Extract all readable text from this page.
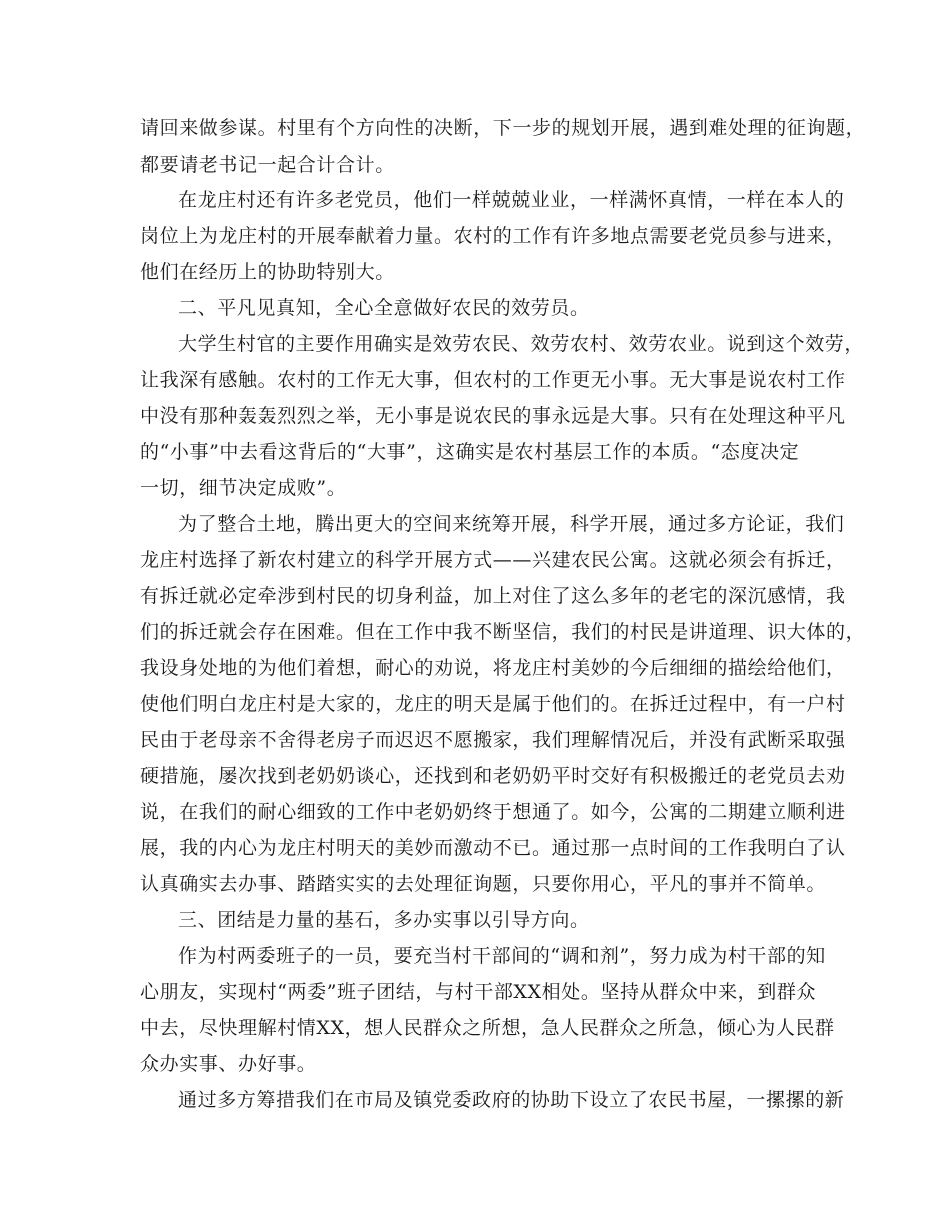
请回来做参谋。村里有个方向性的决断，下一步的规划开展，遇到难处理的征询题，

都要请老书记一起合计合计。

在龙庄村还有许多老党员，他们一样兢兢业业，一样满怀真情，一样在本人的

岗位上为龙庄村的开展奉献着力量。农村的工作有许多地点需要老党员参与进来，

他们在经历上的协助特别大。

二、平凡见真知，全心全意做好农民的效劳员。

大学生村官的主要作用确实是效劳农民、效劳农村、效劳农业。说到这个效劳，

让我深有感触。农村的工作无大事，但农村的工作更无小事。无大事是说农村工作

中没有那种轰轰烈烈之举，无小事是说农民的事永远是大事。只有在处理这种平凡

的“小事”中去看这背后的“大事”，这确实是农村基层工作的本质。“态度决定

一切，细节决定成败”。

为了整合土地，腾出更大的空间来统筹开展，科学开展，通过多方论证，我们

龙庄村选择了新农村建立的科学开展方式——兴建农民公寓。这就必须会有拆迁，

有拆迁就必定牵涉到村民的切身利益，加上对住了这么多年的老宅的深沉感情，我

们的拆迁就会存在困难。但在工作中我不断坚信，我们的村民是讲道理、识大体的，

我设身处地的为他们着想，耐心的劝说，将龙庄村美妙的今后细细的描绘给他们，

使他们明白龙庄村是大家的，龙庄的明天是属于他们的。在拆迁过程中，有一户村

民由于老母亲不舍得老房子而迟迟不愿搬家，我们理解情况后，并没有武断采取强

硬措施，屡次找到老奶奶谈心，还找到和老奶奶平时交好有积极搬迁的老党员去劝

说，在我们的耐心细致的工作中老奶奶终于想通了。如今，公寓的二期建立顺利进

展，我的内心为龙庄村明天的美妙而激动不已。通过那一点时间的工作我明白了认

认真确实去办事、踏踏实实的去处理征询题，只要你用心，平凡的事并不简单。

三、团结是力量的基石，多办实事以引导方向。

作为村两委班子的一员，要充当村干部间的“调和剂”，努力成为村干部的知

心朋友，实现村“两委”班子团结，与村干部XX相处。坚持从群众中来，到群众

中去，尽快理解村情XX，想人民群众之所想，急人民群众之所急，倾心为人民群

众办实事、办好事。

通过多方筹措我们在市局及镇党委政府的协助下设立了农民书屋，一摞摞的新
